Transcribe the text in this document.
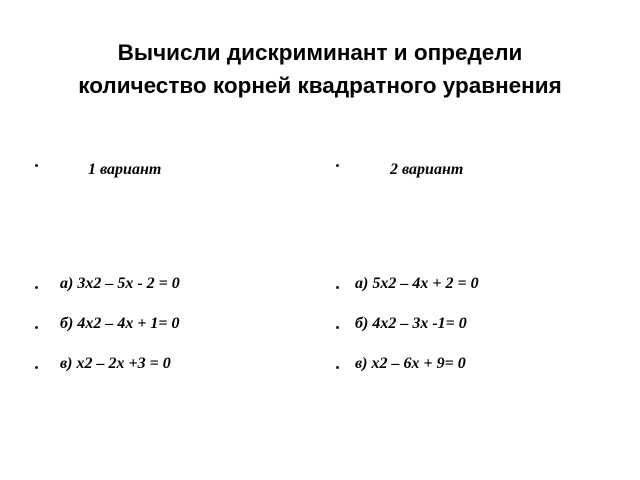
Вычисли дискриминант и определи
количество корней квадратного уравнения
1 вариант
а) 3х2 – 5х - 2 = 0
б) 4х2 – 4х + 1= 0
в) х2 – 2х +3 = 0
2 вариант
а) 5х2 – 4х + 2 = 0
б) 4х2 – 3х -1= 0
в) х2 – 6х + 9= 0
